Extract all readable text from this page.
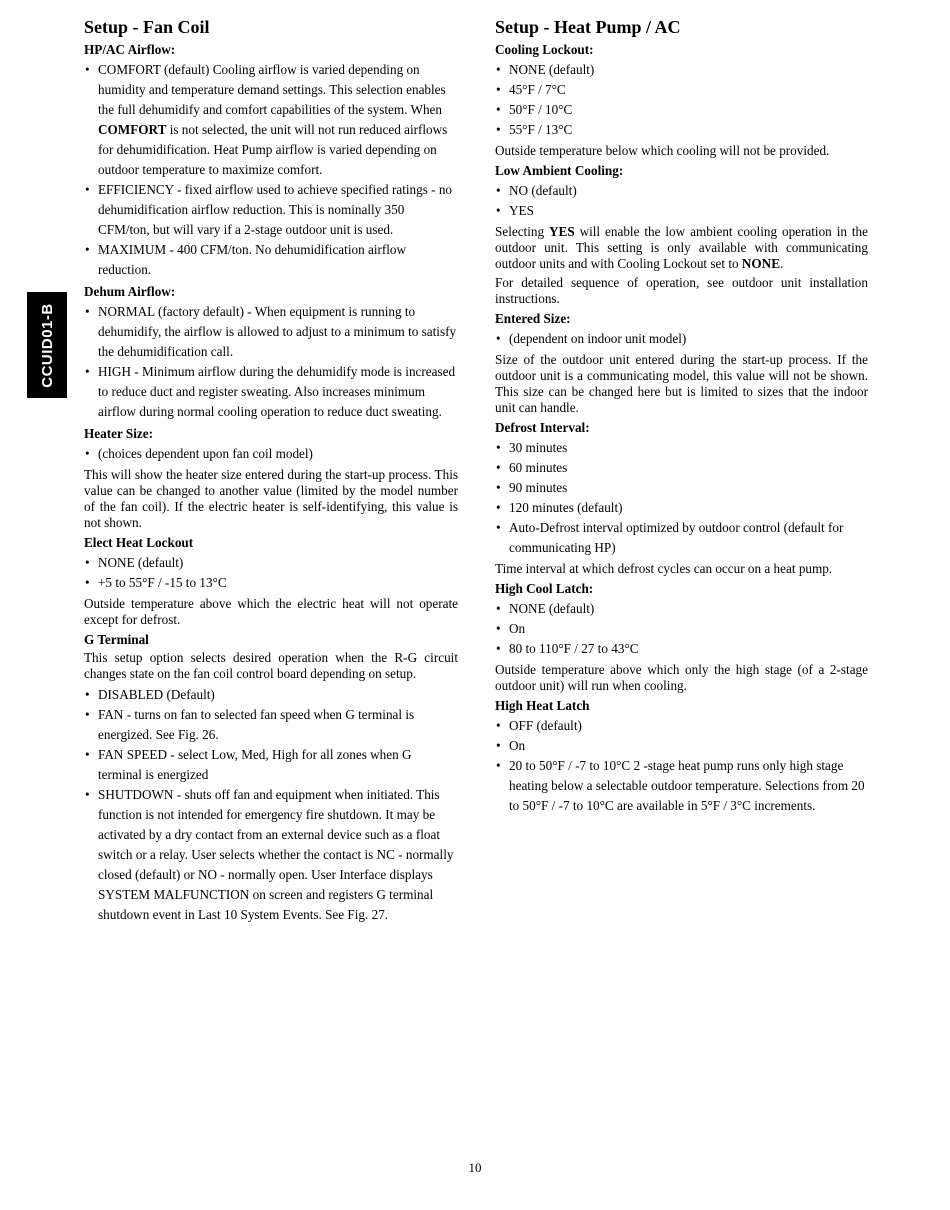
CCUID01-B
Setup - Fan Coil
HP/AC Airflow:
• COMFORT (default) Cooling airflow is varied depending on humidity and temperature demand settings. This selection enables the full dehumidify and comfort capabilities of the system. When COMFORT is not selected, the unit will not run reduced airflows for dehumidification. Heat Pump airflow is varied depending on outdoor temperature to maximize comfort.
• EFFICIENCY - fixed airflow used to achieve specified ratings - no dehumidification airflow reduction. This is nominally 350 CFM/ton, but will vary if a 2-stage outdoor unit is used.
• MAXIMUM - 400 CFM/ton. No dehumidification airflow reduction.
Dehum Airflow:
• NORMAL (factory default) - When equipment is running to dehumidify, the airflow is allowed to adjust to a minimum to satisfy the dehumidification call.
• HIGH - Minimum airflow during the dehumidify mode is increased to reduce duct and register sweating. Also increases minimum airflow during normal cooling operation to reduce duct sweating.
Heater Size:
• (choices dependent upon fan coil model)

This will show the heater size entered during the start-up process. This value can be changed to another value (limited by the model number of the fan coil). If the electric heater is self-identifying, this value is not shown.

Elect Heat Lockout
• NONE (default)
• +5 to 55°F / -15 to 13°C

Outside temperature above which the electric heat will not operate except for defrost.

G Terminal

This setup option selects desired operation when the R-G circuit changes state on the fan coil control board depending on setup.

• DISABLED (Default)
• FAN - turns on fan to selected fan speed when G terminal is energized. See Fig. 26.
• FAN SPEED - select Low, Med, High for all zones when G terminal is energized
• SHUTDOWN - shuts off fan and equipment when initiated. This function is not intended for emergency fire shutdown. It may be activated by a dry contact from an external device such as a float switch or a relay. User selects whether the contact is NC - normally closed (default) or NO - normally open. User Interface displays SYSTEM MALFUNCTION on screen and registers G terminal shutdown event in Last 10 System Events. See Fig. 27.
Setup - Heat Pump / AC
Cooling Lockout:
• NONE (default)
• 45°F / 7°C
• 50°F / 10°C
• 55°F / 13°C

Outside temperature below which cooling will not be provided.

Low Ambient Cooling:
• NO (default)
• YES

Selecting YES will enable the low ambient cooling operation in the outdoor unit. This setting is only available with communicating outdoor units and with Cooling Lockout set to NONE.

For detailed sequence of operation, see outdoor unit installation instructions.

Entered Size:
• (dependent on indoor unit model)

Size of the outdoor unit entered during the start-up process. If the outdoor unit is a communicating model, this value will not be shown. This size can be changed here but is limited to sizes that the indoor unit can handle.

Defrost Interval:
• 30 minutes
• 60 minutes
• 90 minutes
• 120 minutes (default)
• Auto-Defrost interval optimized by outdoor control (default for communicating HP)

Time interval at which defrost cycles can occur on a heat pump.

High Cool Latch:
• NONE (default)
• On
• 80 to 110°F / 27 to 43°C

Outside temperature above which only the high stage (of a 2-stage outdoor unit) will run when cooling.

High Heat Latch
• OFF (default)
• On
• 20 to 50°F / -7 to 10°C 2 -stage heat pump runs only high stage heating below a selectable outdoor temperature. Selections from 20 to 50°F / -7 to 10°C are available in 5°F / 3°C increments.
10
